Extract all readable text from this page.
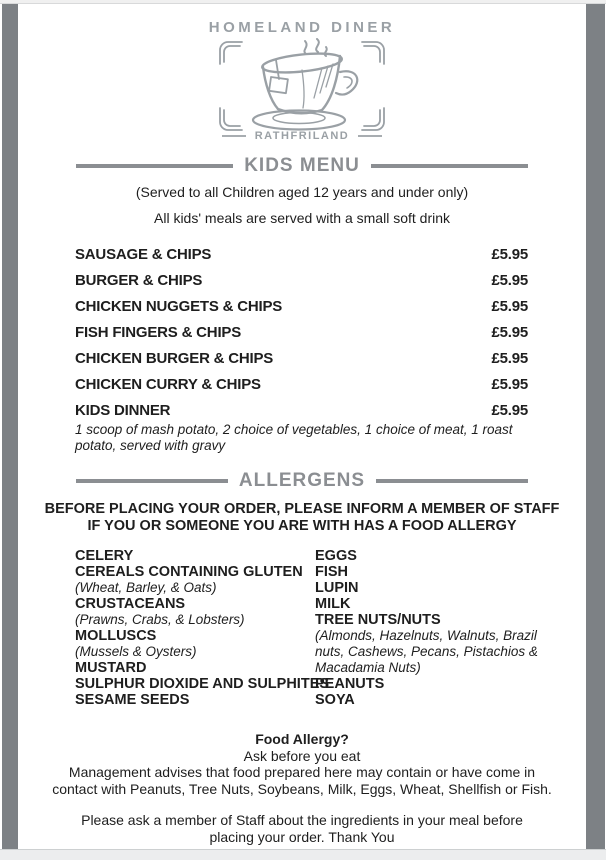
HOMELAND DINER
RATHFRILAND
KIDS MENU
(Served to all Children aged 12 years and under only)
All kids' meals are served with a small soft drink
SAUSAGE & CHIPS	£5.95
BURGER & CHIPS	£5.95
CHICKEN NUGGETS & CHIPS	£5.95
FISH FINGERS & CHIPS	£5.95
CHICKEN BURGER & CHIPS	£5.95
CHICKEN CURRY & CHIPS	£5.95
KIDS DINNER	£5.95
1 scoop of mash potato, 2 choice of vegetables, 1 choice of meat, 1 roast potato, served with gravy
ALLERGENS
BEFORE PLACING YOUR ORDER, PLEASE INFORM A MEMBER OF STAFF
IF YOU OR SOMEONE YOU ARE WITH HAS A FOOD ALLERGY
CELERY
CEREALS CONTAINING GLUTEN
(Wheat, Barley, & Oats)
CRUSTACEANS
(Prawns, Crabs, & Lobsters)
MOLLUSCS
(Mussels & Oysters)
MUSTARD
SULPHUR DIOXIDE AND SULPHITES
SESAME SEEDS
EGGS
FISH
LUPIN
MILK
TREE NUTS/NUTS
(Almonds, Hazelnuts, Walnuts, Brazil nuts, Cashews, Pecans, Pistachios & Macadamia Nuts)
PEANUTS
SOYA
Food Allergy?
Ask before you eat
Management advises that food prepared here may contain or have come in
contact with Peanuts, Tree Nuts, Soybeans, Milk, Eggs, Wheat, Shellfish or Fish.
Please ask a member of Staff about the ingredients in your meal before
placing your order. Thank You
